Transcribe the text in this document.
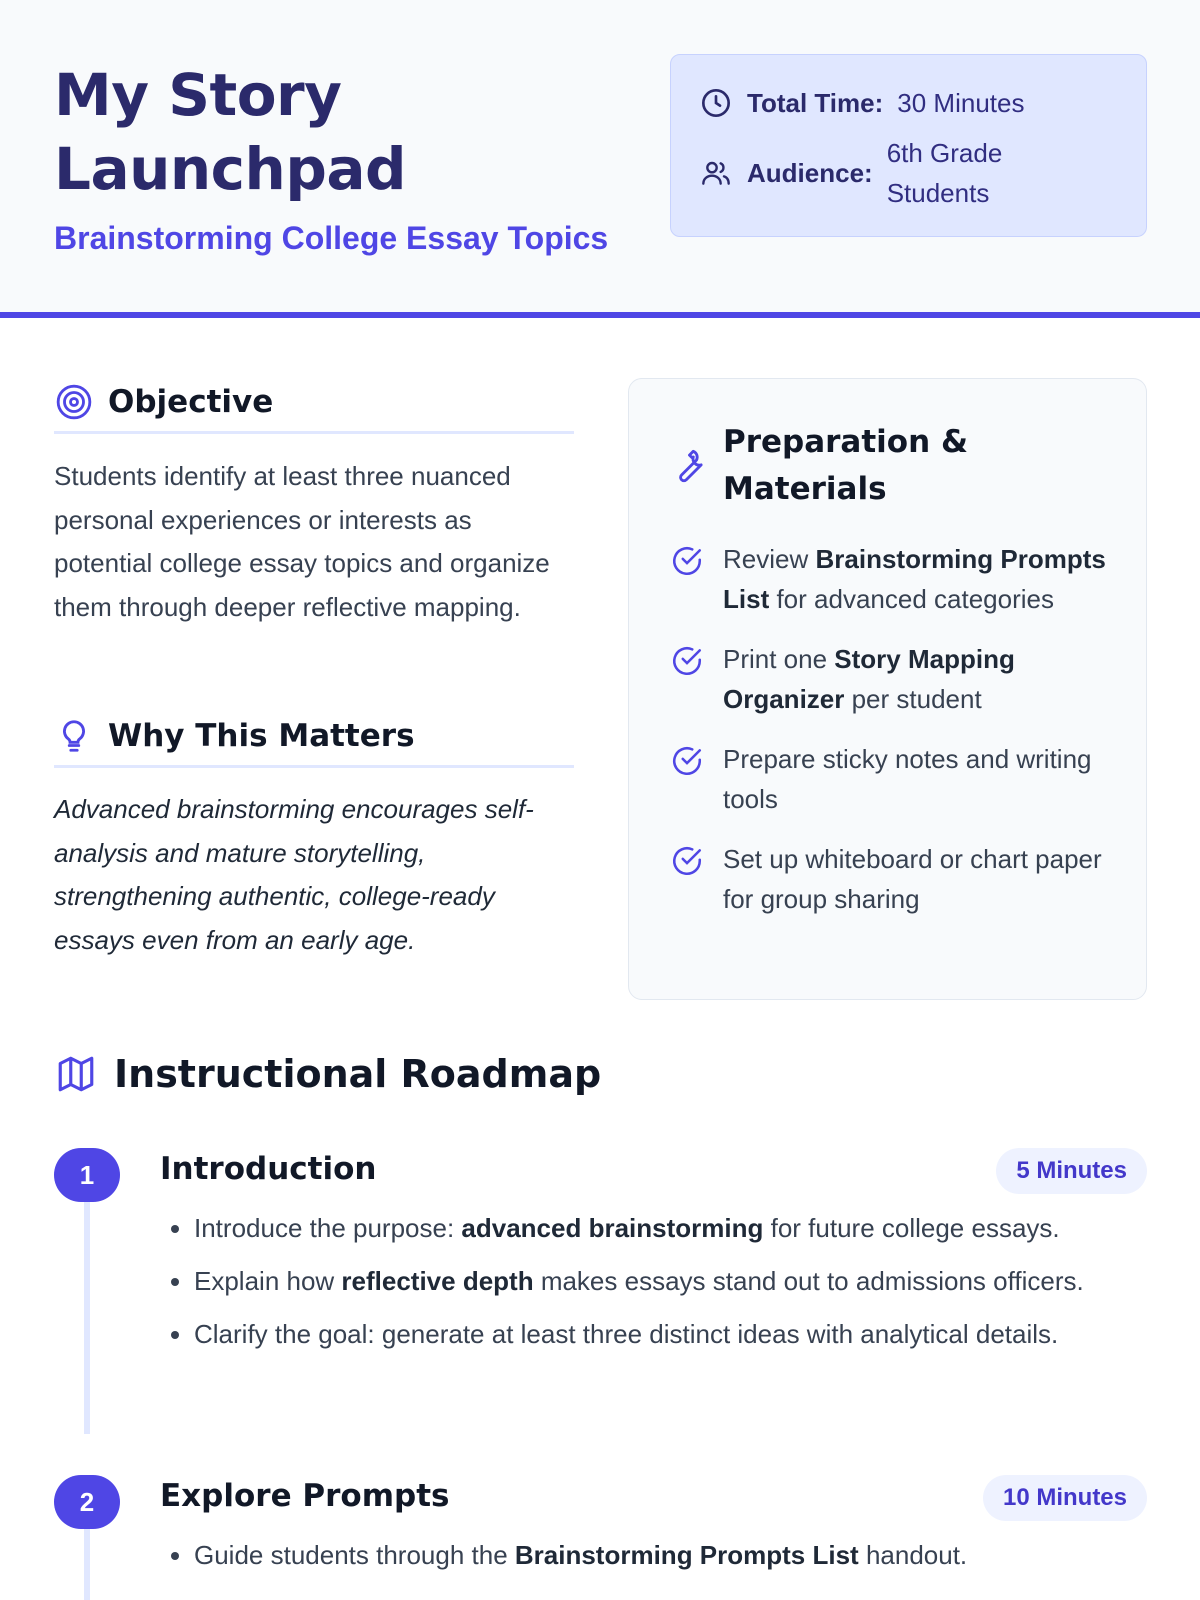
My Story Launchpad
Brainstorming College Essay Topics
Total Time: 30 Minutes
Audience:
6th Grade Students
Objective

Students identify at least three nuanced personal experiences or interests as potential college essay topics and organize them through deeper reflective mapping.

Why This Matters

Advanced brainstorming encourages self-analysis and mature storytelling, strengthening authentic, college-ready essays even from an early age.

Preparation & Materials
Review Brainstorming Prompts List for advanced categories
Print one Story Mapping Organizer per student
Prepare sticky notes and writing tools
Set up whiteboard or chart paper for group sharing
Instructional Roadmap
1	Introduction	5 Minutes
• Introduce the purpose: advanced brainstorming for future college essays.
• Explain how reflective depth makes essays stand out to admissions officers.
• Clarify the goal: generate at least three distinct ideas with analytical details.
2	Explore Prompts	10 Minutes
• Guide students through the Brainstorming Prompts List handout.
